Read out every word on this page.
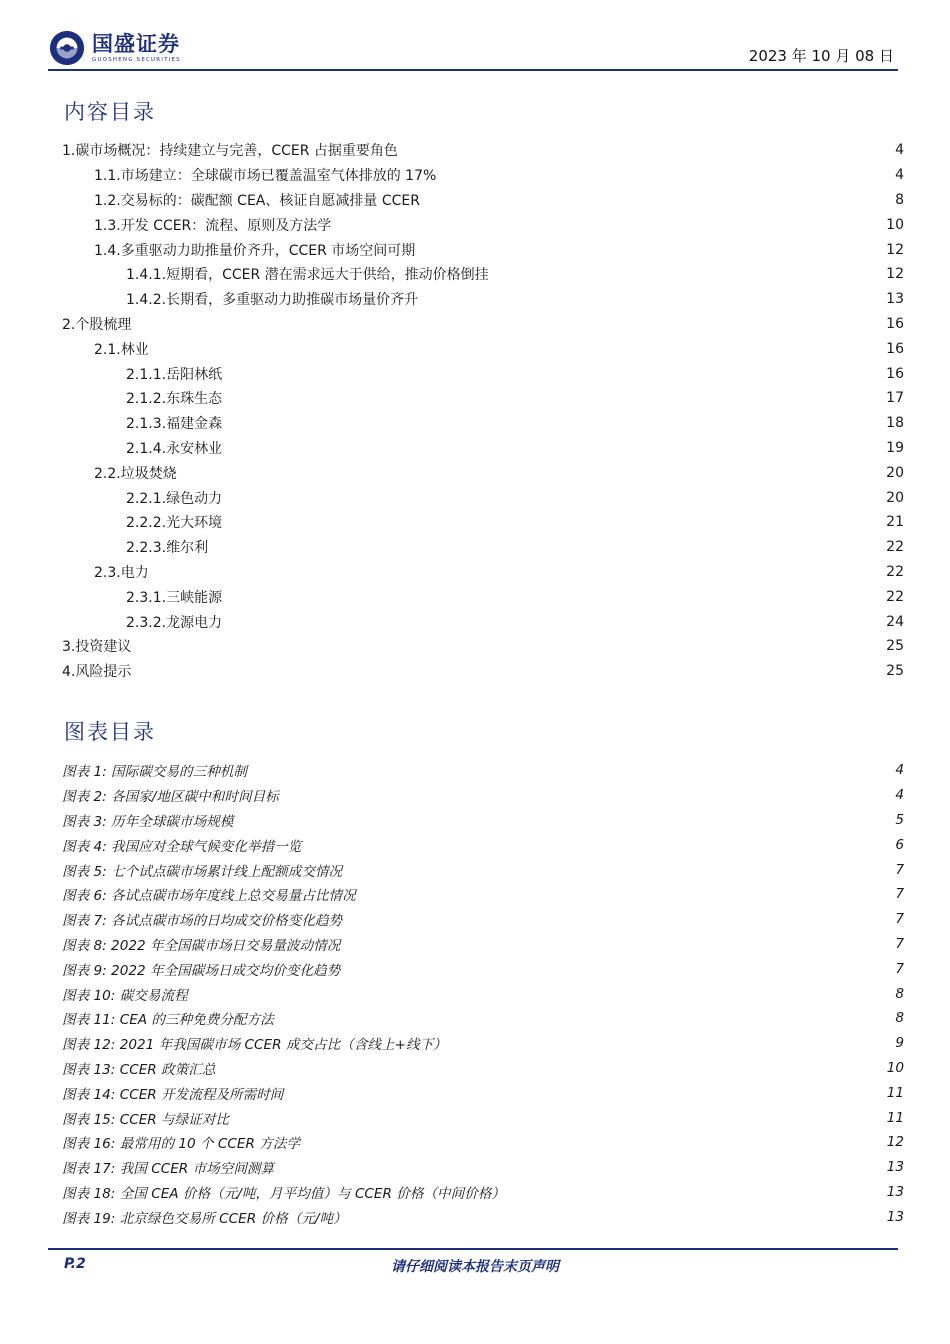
国盛证券
GUOSHENG SECURITIES	2023 年 10 月 08 日
内容目录
1.碳市场概况：持续建立与完善，CCER 占据重要角色	4
1.1.市场建立：全球碳市场已覆盖温室气体排放的 17%	4
1.2.交易标的：碳配额 CEA、核证自愿减排量 CCER	8
1.3.开发 CCER：流程、原则及方法学	10
1.4.多重驱动力助推量价齐升，CCER 市场空间可期	12
1.4.1.短期看，CCER 潜在需求远大于供给，推动价格倒挂	12
1.4.2.长期看，多重驱动力助推碳市场量价齐升	13
2.个股梳理	16
2.1.林业	16
2.1.1.岳阳林纸	16
2.1.2.东珠生态	17
2.1.3.福建金森	18
2.1.4.永安林业	19
2.2.垃圾焚烧	20
2.2.1.绿色动力	20
2.2.2.光大环境	21
2.2.3.维尔利	22
2.3.电力	22
2.3.1.三峡能源	22
2.3.2.龙源电力	24
3.投资建议	25
4.风险提示	25
图表目录
图表 1: 国际碳交易的三种机制	4
图表 2: 各国家/地区碳中和时间目标	4
图表 3: 历年全球碳市场规模	5
图表 4: 我国应对全球气候变化举措一览	6
图表 5: 七个试点碳市场累计线上配额成交情况	7
图表 6: 各试点碳市场年度线上总交易量占比情况	7
图表 7: 各试点碳市场的日均成交价格变化趋势	7
图表 8: 2022 年全国碳市场日交易量波动情况	7
图表 9: 2022 年全国碳场日成交均价变化趋势	7
图表 10: 碳交易流程	8
图表 11: CEA 的三种免费分配方法	8
图表 12: 2021 年我国碳市场 CCER 成交占比（含线上+线下）	9
图表 13: CCER 政策汇总	10
图表 14: CCER 开发流程及所需时间	11
图表 15: CCER 与绿证对比	11
图表 16: 最常用的 10 个 CCER 方法学	12
图表 17: 我国 CCER 市场空间测算	13
图表 18: 全国 CEA 价格（元/吨，月平均值）与 CCER 价格（中间价格）	13
图表 19: 北京绿色交易所 CCER 价格（元/吨）	13
请仔细阅读本报告末页声明
P.2
